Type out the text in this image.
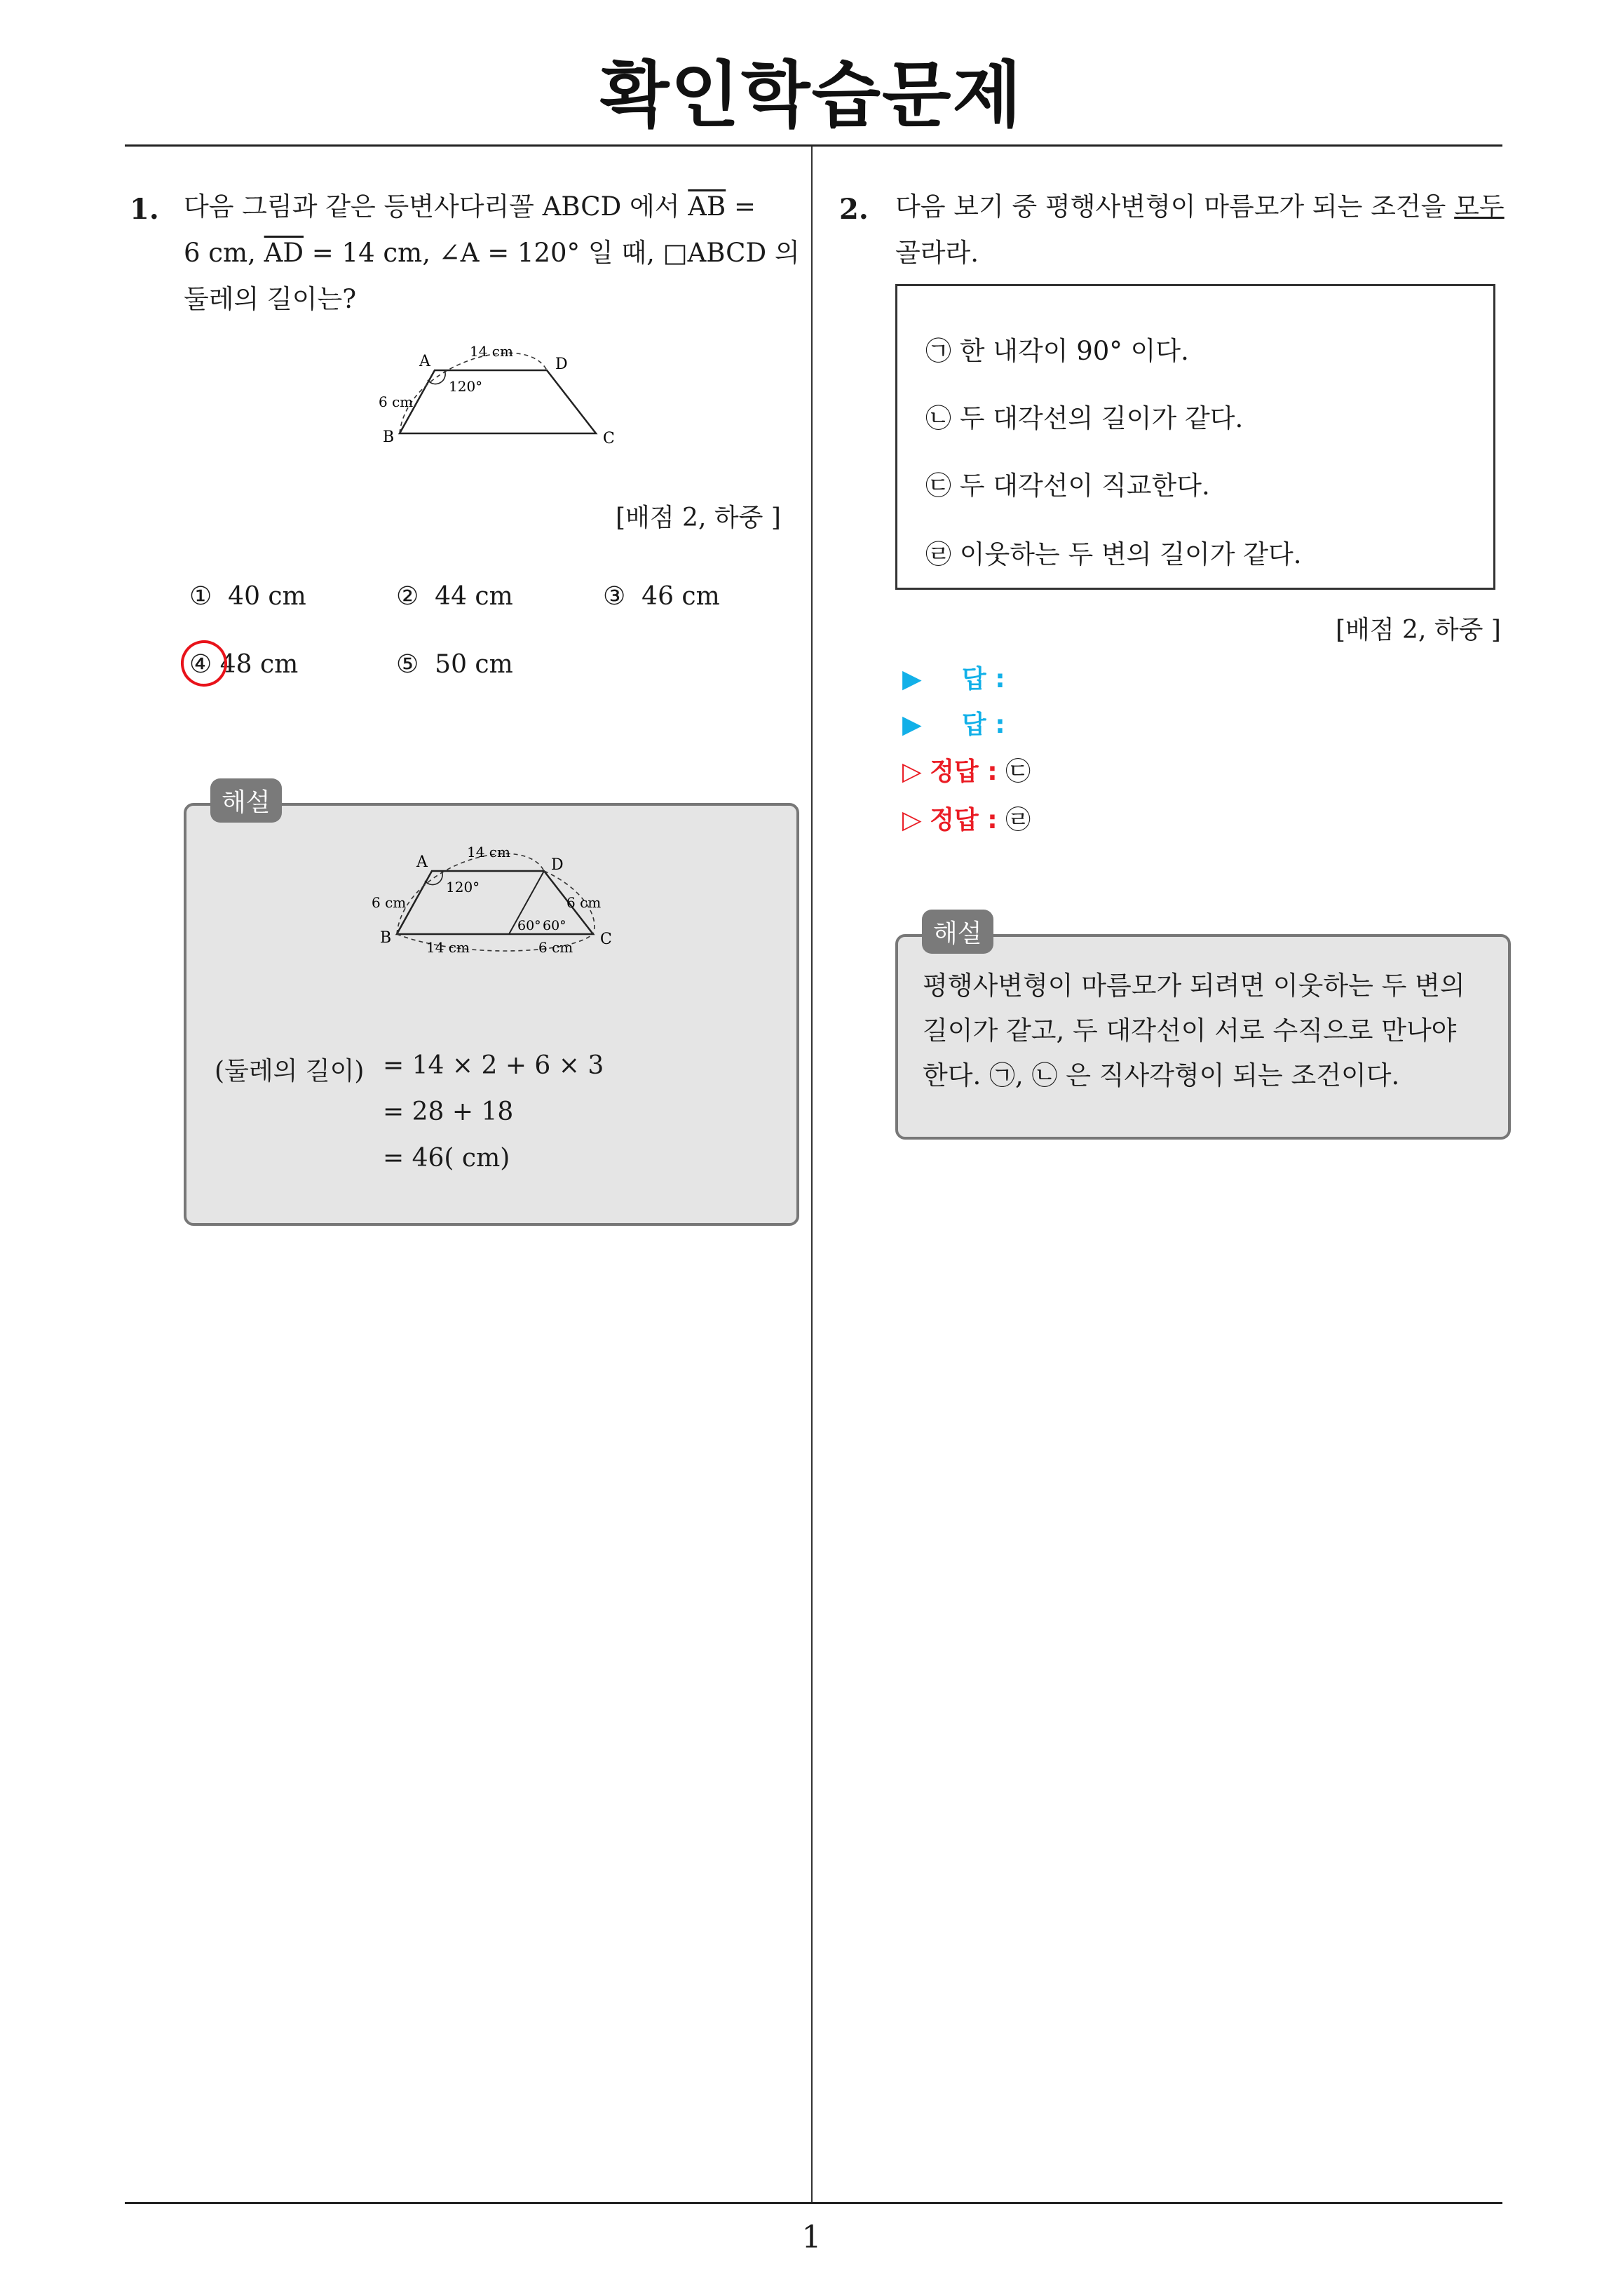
확인학습문제
1. 다음 그림과 같은 등변사다리꼴 ABCD 에서 $\overline{AB}$ =
6 cm, $\overline{AD} = 14$ cm, ∠A = 120° 일 때, □ABCD 의
둘레의 길이는?
A	D
B	C
14 cm
6 cm
120°
[배점 2, 하중 ]
① 40 cm	② 44 cm	③ 46 cm
④ 48 cm	⑤ 50 cm
A	D
B	C
14 cm
6 cm	6 cm
14 cm	6 cm
120°
60° 60°
(둘레의 길이) = 14 × 2 + 6 × 3
= 28 + 18
= 46( cm)
해설
2. 다음 보기 중 평행사변형이 마름모가 되는 조건을 모두
골라라.
㉠ 한 내각이 90° 이다.
㉡ 두 대각선의 길이가 같다.
㉢ 두 대각선이 직교한다.
㉣ 이웃하는 두 변의 길이가 같다.
[배점 2, 하중 ]
▶ 답 :
▶ 답 :
▷ 정답 : ㉢
▷ 정답 : ㉣
평행사변형이 마름모가 되려면 이웃하는 두 변의 길이가 같고, 두 대각선이 서로 수직으로 만나야 한다. ㉠, ㉡ 은 직사각형이 되는 조건이다.
해설
1
